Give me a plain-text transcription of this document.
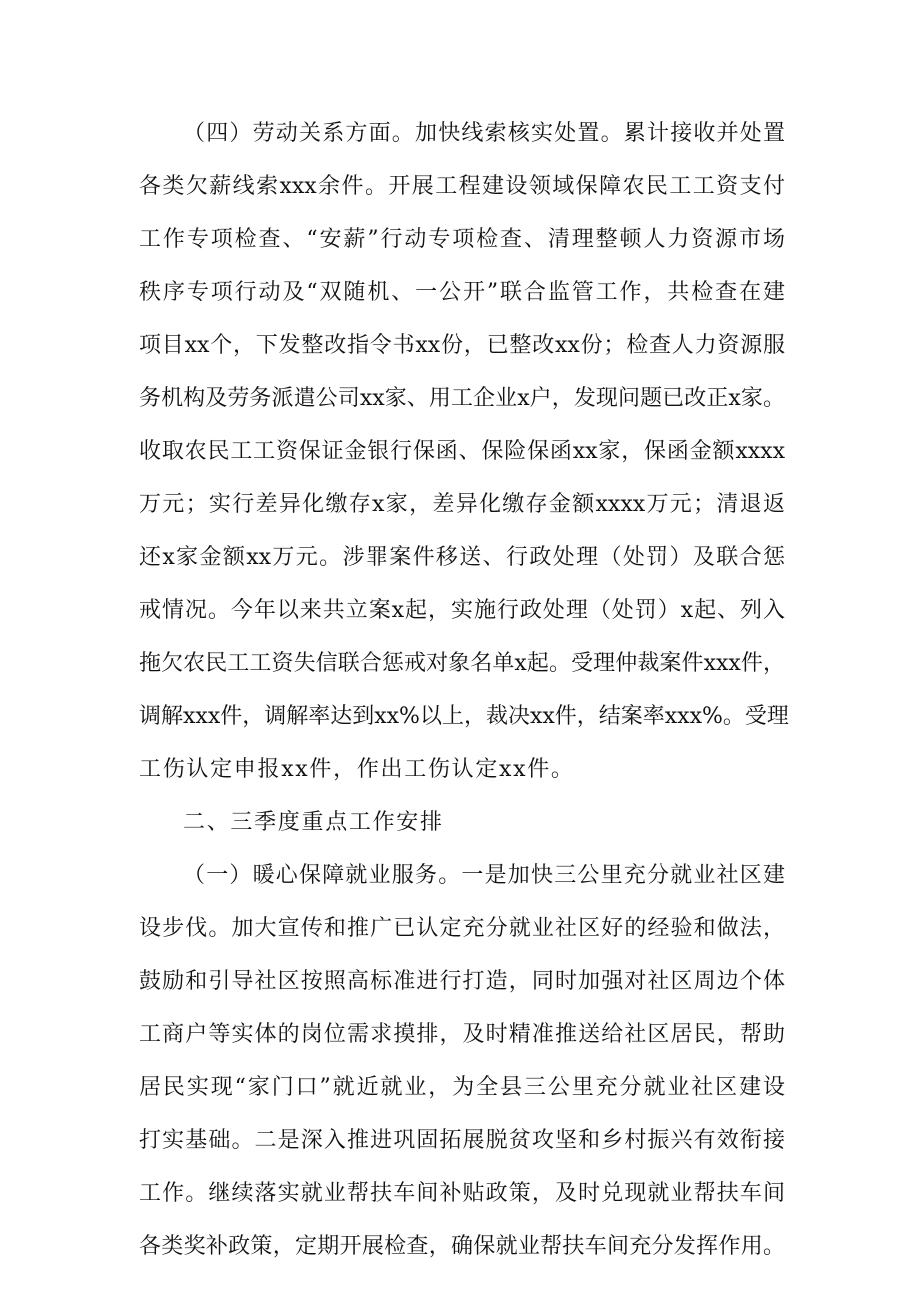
（四）劳动关系方面。加快线索核实处置。累计接收并处置
各类欠薪线索xxx余件。开展工程建设领域保障农民工工资支付
工作专项检查、“安薪”行动专项检查、清理整顿人力资源市场
秩序专项行动及“双随机、一公开”联合监管工作，共检查在建
项目xx个，下发整改指令书xx份，已整改xx份；检查人力资源服
务机构及劳务派遣公司xx家、用工企业x户，发现问题已改正x家。
收取农民工工资保证金银行保函、保险保函xx家，保函金额xxxx
万元；实行差异化缴存x家，差异化缴存金额xxxx万元；清退返
还x家金额xx万元。涉罪案件移送、行政处理（处罚）及联合惩
戒情况。今年以来共立案x起，实施行政处理（处罚）x起、列入
拖欠农民工工资失信联合惩戒对象名单x起。受理仲裁案件xxx件，
调解xxx件，调解率达到xx%以上，裁决xx件，结案率xxx%。受理
工伤认定申报xx件，作出工伤认定xx件。
二、三季度重点工作安排
（一）暖心保障就业服务。一是加快三公里充分就业社区建
设步伐。加大宣传和推广已认定充分就业社区好的经验和做法，
鼓励和引导社区按照高标准进行打造，同时加强对社区周边个体
工商户等实体的岗位需求摸排，及时精准推送给社区居民，帮助
居民实现“家门口”就近就业，为全县三公里充分就业社区建设
打实基础。二是深入推进巩固拓展脱贫攻坚和乡村振兴有效衔接
工作。继续落实就业帮扶车间补贴政策，及时兑现就业帮扶车间
各类奖补政策，定期开展检查，确保就业帮扶车间充分发挥作用。
